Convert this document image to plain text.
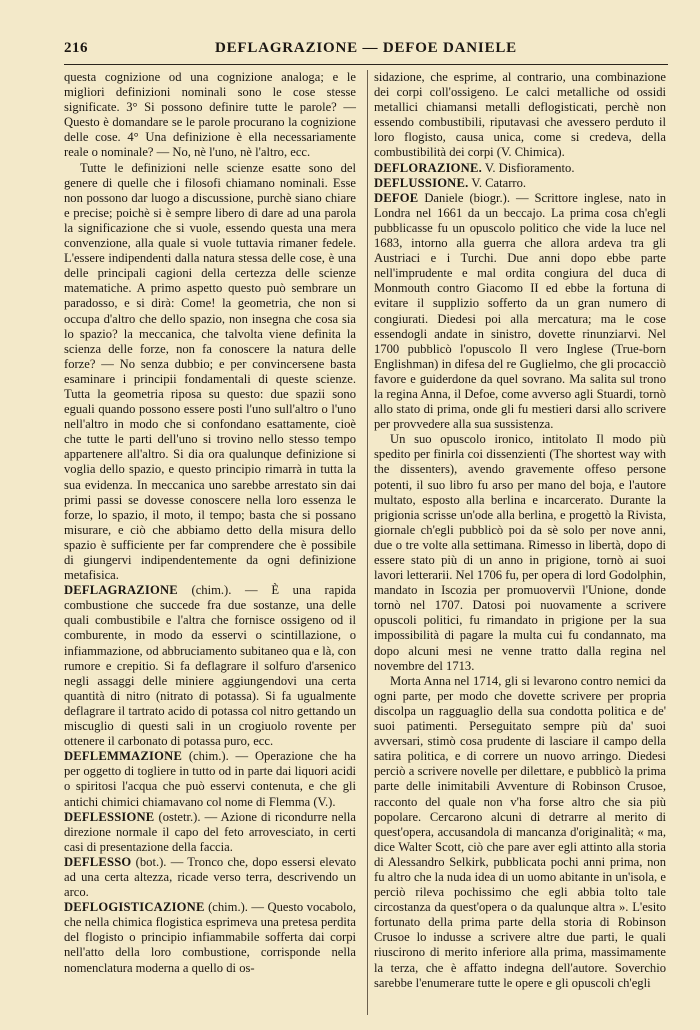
216	DEFLAGRAZIONE — DEFOE DANIELE

questa cognizione od una cognizione analoga; e le migliori definizioni nominali sono le cose stesse significate. 3° Si possono definire tutte le parole? — Questo è domandare se le parole procurano la cognizione delle cose. 4° Una definizione è ella necessariamente reale o nominale? — No, nè l'uno, nè l'altro, ecc.

Tutte le definizioni nelle scienze esatte sono del genere di quelle che i filosofi chiamano nominali. Esse non possono dar luogo a discussione, purchè siano chiare e precise; poichè si è sempre libero di dare ad una parola la significazione che si vuole, essendo questa una mera convenzione, alla quale si vuole tuttavia rimaner fedele. L'essere indipendenti dalla natura stessa delle cose, è una delle principali cagioni della certezza delle scienze matematiche. A primo aspetto questo può sembrare un paradosso, e si dirà: Come! la geometria, che non si occupa d'altro che dello spazio, non insegna che cosa sia lo spazio? la meccanica, che talvolta viene definita la scienza delle forze, non fa conoscere la natura delle forze? — No senza dubbio; e per convincersene basta esaminare i principii fondamentali di queste scienze. Tutta la geometria riposa su questo: due spazii sono eguali quando possono essere posti l'uno sull'altro o l'uno nell'altro in modo che si confondano esattamente, cioè che tutte le parti dell'uno si trovino nello stesso tempo appartenere all'altro. Si dia ora qualunque definizione si voglia dello spazio, e questo principio rimarrà in tutta la sua evidenza. In meccanica uno sarebbe arrestato sin dai primi passi se dovesse conoscere nella loro essenza le forze, lo spazio, il moto, il tempo; basta che si possano misurare, e ciò che abbiamo detto della misura dello spazio è sufficiente per far comprendere che è possibile di giungervi indipendentemente da ogni definizione metafisica.

DEFLAGRAZIONE (chim.). — È una rapida combustione che succede fra due sostanze, una delle quali combustibile e l'altra che fornisce ossigeno od il comburente, in modo da esservi o scintillazione, o infiammazione, od abbruciamento subitaneo qua e là, con rumore e crepitio. Si fa deflagrare il solfuro d'arsenico negli assaggi delle miniere aggiungendovi una certa quantità di nitro (nitrato di potassa). Si fa ugualmente deflagrare il tartrato acido di potassa col nitro gettando un miscuglio di questi sali in un crogiuolo rovente per ottenere il carbonato di potassa puro, ecc.

DEFLEMMAZIONE (chim.). — Operazione che ha per oggetto di togliere in tutto od in parte dai liquori acidi o spiritosi l'acqua che può esservi contenuta, e che gli antichi chimici chiamavano col nome di Flemma (V.).

DEFLESSIONE (ostetr.). — Azione di ricondurre nella direzione normale il capo del feto arrovesciato, in certi casi di presentazione della faccia.

DEFLESSO (bot.). — Tronco che, dopo essersi elevato ad una certa altezza, ricade verso terra, descrivendo un arco.

DEFLOGISTICAZIONE (chim.). — Questo vocabolo, che nella chimica flogistica esprimeva una pretesa perdita del flogisto o principio infiammabile sofferta dai corpi nell'atto della loro combustione, corrisponde nella nomenclatura moderna a quello di os-

sidazione, che esprime, al contrario, una combinazione dei corpi coll'ossigeno. Le calci metalliche od ossidi metallici chiamansi metalli deflogisticati, perchè non essendo combustibili, riputavasi che avessero perduto il loro flogisto, causa unica, come si credeva, della combustibilità dei corpi (V. Chimica).

DEFLORAZIONE. V. Disfioramento.

DEFLUSSIONE. V. Catarro.

DEFOE Daniele (biogr.). — Scrittore inglese, nato in Londra nel 1661 da un beccajo. La prima cosa ch'egli pubblicasse fu un opuscolo politico che vide la luce nel 1683, intorno alla guerra che allora ardeva tra gli Austriaci e i Turchi. Due anni dopo ebbe parte nell'imprudente e mal ordita congiura del duca di Monmouth contro Giacomo II ed ebbe la fortuna di evitare il supplizio sofferto da un gran numero di congiurati. Diedesi poi alla mercatura; ma le cose essendogli andate in sinistro, dovette rinunziarvi. Nel 1700 pubblicò l'opuscolo Il vero Inglese (True-born Englishman) in difesa del re Guglielmo, che gli procacciò favore e guiderdone da quel sovrano. Ma salita sul trono la regina Anna, il Defoe, come avverso agli Stuardi, tornò allo stato di prima, onde gli fu mestieri darsi allo scrivere per provvedere alla sua sussistenza.

Un suo opuscolo ironico, intitolato Il modo più spedito per finirla coi dissenzienti (The shortest way with the dissenters), avendo gravemente offeso persone potenti, il suo libro fu arso per mano del boja, e l'autore multato, esposto alla berlina e incarcerato. Durante la prigionia scrisse un'ode alla berlina, e progettò la Rivista, giornale ch'egli pubblicò poi da sè solo per nove anni, due o tre volte alla settimana. Rimesso in libertà, dopo di essere stato più di un anno in prigione, tornò ai suoi lavori letterarii. Nel 1706 fu, per opera di lord Godolphin, mandato in Iscozia per promuoverviì l'Unione, donde tornò nel 1707. Datosi poi nuovamente a scrivere opuscoli politici, fu rimandato in prigione per la sua impossibilità di pagare la multa cui fu condannato, ma dopo alcuni mesi ne venne tratto dalla regina nel novembre del 1713.

Morta Anna nel 1714, gli si levarono contro nemici da ogni parte, per modo che dovette scrivere per propria discolpa un ragguaglio della sua condotta politica e de' suoi patimenti. Perseguitato sempre più da' suoi avversari, stimò cosa prudente di lasciare il campo della satira politica, e di correre un nuovo arringo. Diedesi perciò a scrivere novelle per dilettare, e pubblicò la prima parte delle inimitabili Avventure di Robinson Crusoe, racconto del quale non v'ha forse altro che sia più popolare. Cercarono alcuni di detrarre al merito di quest'opera, accusandola di mancanza d'originalità; « ma, dice Walter Scott, ciò che pare aver egli attinto alla storia di Alessandro Selkirk, pubblicata pochi anni prima, non fu altro che la nuda idea di un uomo abitante in un'isola, e perciò rileva pochissimo che egli abbia tolto tale circostanza da quest'opera o da qualunque altra ». L'esito fortunato della prima parte della storia di Robinson Crusoe lo indusse a scrivere altre due parti, le quali riuscirono di merito inferiore alla prima, massimamente la terza, che è affatto indegna dell'autore. Soverchio sarebbe l'enumerare tutte le opere e gli opuscoli ch'egli
